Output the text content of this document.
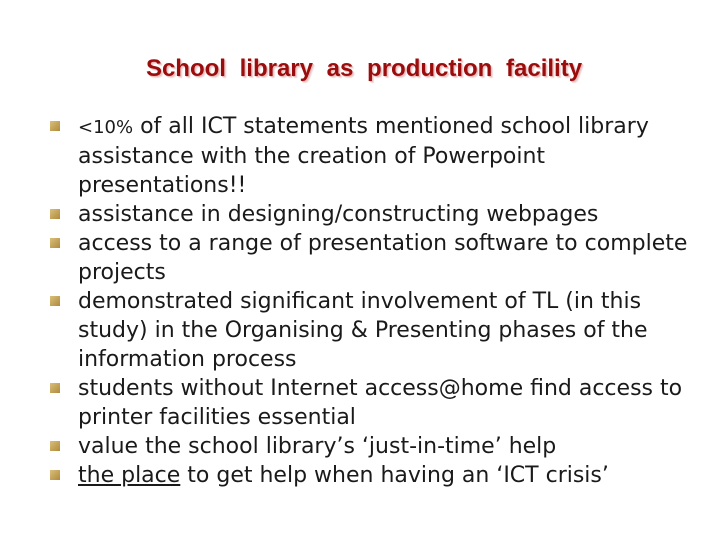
School library as production facility
<10% of all ICT statements mentioned school library assistance with the creation of Powerpoint presentations!!
assistance in designing/constructing webpages
access to a range of presentation software to complete projects
demonstrated significant involvement of TL (in this study) in the Organising & Presenting phases of the information process
students without Internet access@home find access to printer facilities essential
value the school library’s ‘just-in-time’ help
the place to get help when having an ‘ICT crisis’
